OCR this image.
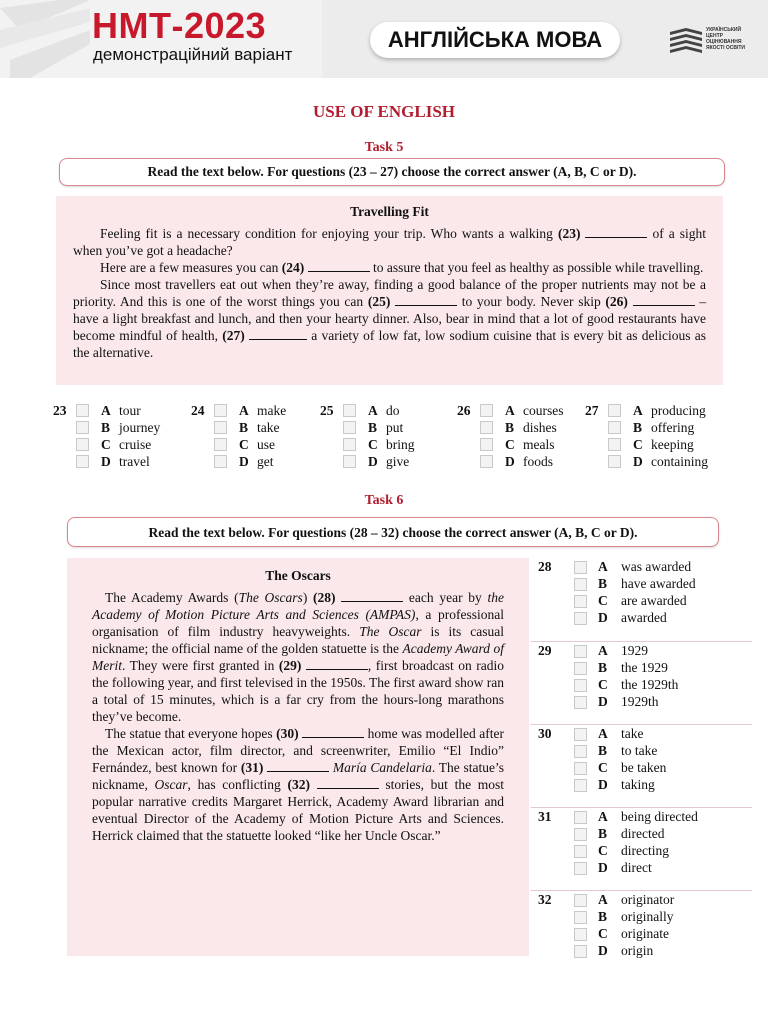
НМТ-2023
демонстраційний варіант
АНГЛІЙСЬКА МОВА	УКРАЇНСЬКИЙ
ЦЕНТР
ОЦІНЮВАННЯ
ЯКОСТІ ОСВІТИ
USE OF ENGLISH
Task 5
Read the text below. For questions (23 – 27) choose the correct answer (A, B, C or D).
Travelling Fit
Feeling fit is a necessary condition for enjoying your trip. Who wants a walking (23)	of a sight when you’ve got a headache?
Here are a few measures you can (24)	to assure that you feel as healthy as possible while travelling.
Since most travellers eat out when they’re away, finding a good balance of the proper nutrients may not be a priority. And this is one of the worst things you can (25)	to your body. Never skip (26)	– have a light breakfast and lunch, and then your hearty dinner. Also, bear in mind that a lot of good restaurants have become mindful of health, (27)	a variety of low fat, low sodium cuisine that is every bit as delicious as the alternative.
23	A tour
B journey
C cruise
D travel
24	A make
B take
C use
D get
25	A do
B put
C bring
D give
26	A courses
B dishes
C meals
D foods
27	A producing
B offering
C keeping
D containing
Task 6
Read the text below. For questions (28 – 32) choose the correct answer (A, B, C or D).
The Oscars
The Academy Awards (The Oscars) (28)	each year by the Academy of Motion Picture Arts and Sciences (AMPAS), a professional organisation of film industry heavyweights. The Oscar is its casual nickname; the official name of the golden statuette is the Academy Award of Merit. They were first granted in (29)	, first broadcast on radio the following year, and first televised in the 1950s. The first award show ran a total of 15 minutes, which is a far cry from the hours-long marathons they’ve become.
The statue that everyone hopes (30)	home was modelled after the Mexican actor, film director, and screenwriter, Emilio “El Indio” Fernández, best known for (31)	María Candelaria. The statue’s nickname, Oscar, has conflicting (32)	stories, but the most popular narrative credits Margaret Herrick, Academy Award librarian and eventual Director of the Academy of Motion Picture Arts and Sciences. Herrick claimed that the statuette looked “like her Uncle Oscar.”
28	A was awarded
B have awarded
C are awarded
D awarded
29	A 1929
B the 1929
C the 1929th
D 1929th
30	A take
B to take
C be taken
D taking
31	A being directed
B directed
C directing
D direct
32	A originator
B originally
C originate
D origin
